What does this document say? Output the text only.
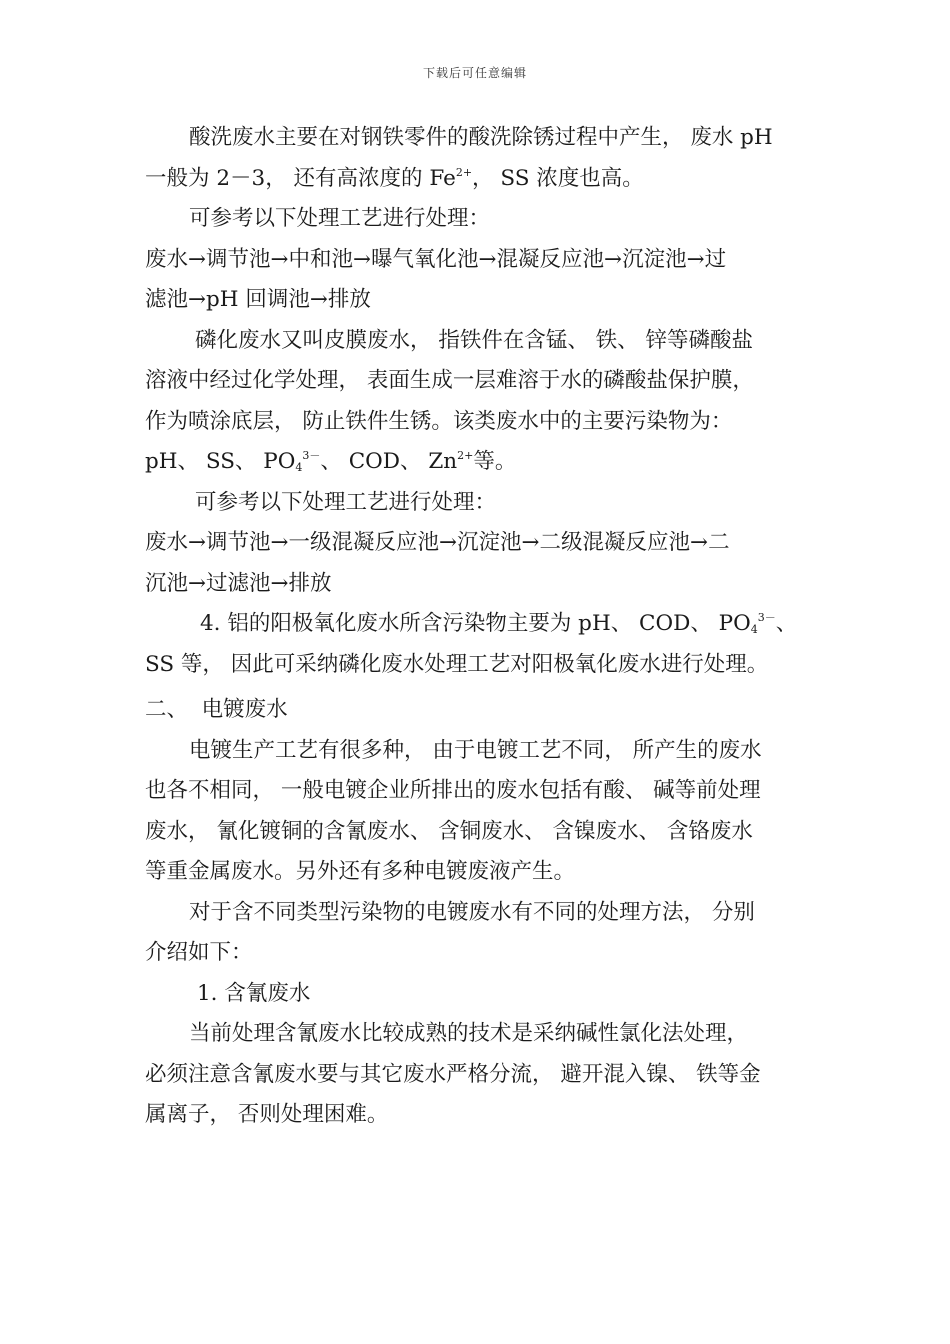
下载后可任意编辑
酸洗废水主要在对钢铁零件的酸洗除锈过程中产生， 废水 pH
一般为 2－3， 还有高浓度的 $Fe^{2+}$， SS 浓度也高。
可参考以下处理工艺进行处理：
废水→调节池→中和池→曝气氧化池→混凝反应池→沉淀池→过
滤池→pH 回调池→排放
磷化废水又叫皮膜废水， 指铁件在含锰、 铁、 锌等磷酸盐
溶液中经过化学处理， 表面生成一层难溶于水的磷酸盐保护膜，
作为喷涂底层， 防止铁件生锈。该类废水中的主要污染物为：
pH、 SS、 $PO_4^{3-}$、 COD、 $Zn^{2+}$等。
可参考以下处理工艺进行处理：
废水→调节池→一级混凝反应池→沉淀池→二级混凝反应池→二
沉池→过滤池→排放
4. 铝的阳极氧化废水所含污染物主要为 pH、 COD、 $PO_4^{3-}$、
SS 等， 因此可采纳磷化废水处理工艺对阳极氧化废水进行处理。
二、  电镀废水
电镀生产工艺有很多种， 由于电镀工艺不同， 所产生的废水
也各不相同， 一般电镀企业所排出的废水包括有酸、 碱等前处理
废水， 氰化镀铜的含氰废水、 含铜废水、 含镍废水、 含铬废水
等重金属废水。另外还有多种电镀废液产生。
对于含不同类型污染物的电镀废水有不同的处理方法， 分别
介绍如下：
1. 含氰废水
当前处理含氰废水比较成熟的技术是采纳碱性氯化法处理，
必须注意含氰废水要与其它废水严格分流， 避开混入镍、 铁等金
属离子， 否则处理困难。
